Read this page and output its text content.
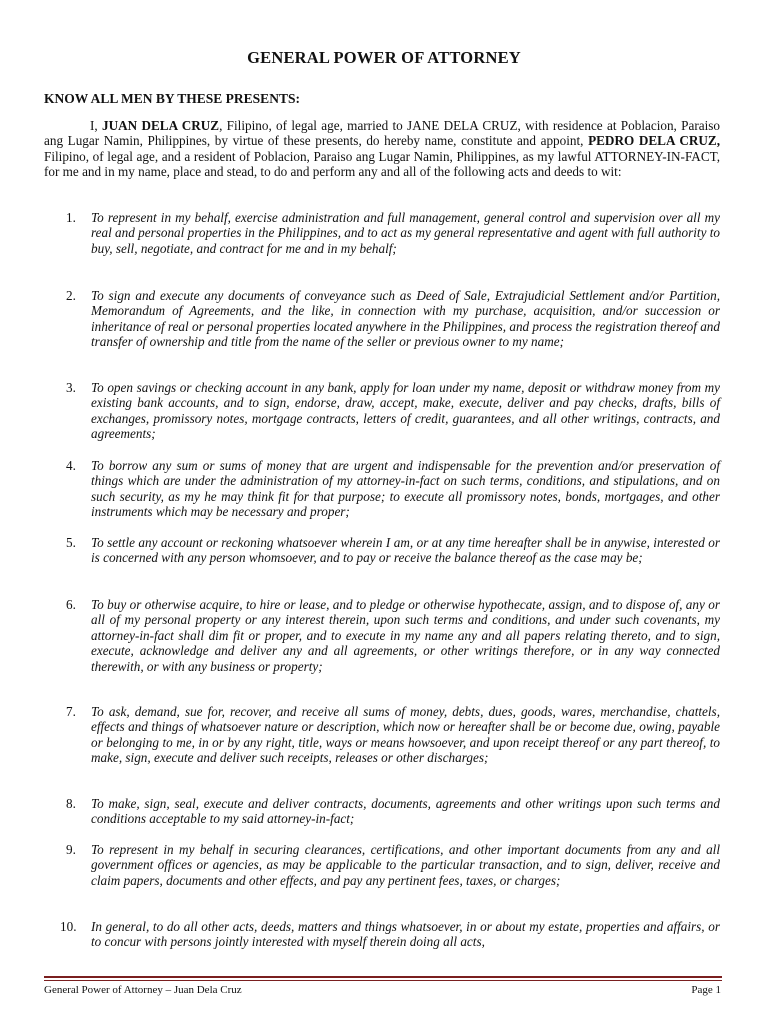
GENERAL POWER OF ATTORNEY
KNOW ALL MEN BY THESE PRESENTS:
I, JUAN DELA CRUZ, Filipino, of legal age, married to JANE DELA CRUZ, with residence at Poblacion, Paraiso ang Lugar Namin, Philippines, by virtue of these presents, do hereby name, constitute and appoint, PEDRO DELA CRUZ, Filipino, of legal age, and a resident of Poblacion, Paraiso ang Lugar Namin, Philippines, as my lawful ATTORNEY-IN-FACT, for me and in my name, place and stead, to do and perform any and all of the following acts and deeds to wit:
1.	To represent in my behalf, exercise administration and full management, general control and supervision over all my real and personal properties in the Philippines, and to act as my general representative and agent with full authority to buy, sell, negotiate, and contract for me and in my behalf;
2.	To sign and execute any documents of conveyance such as Deed of Sale, Extrajudicial Settlement and/or Partition, Memorandum of Agreements, and the like, in connection with my purchase, acquisition, and/or succession or inheritance of real or personal properties located anywhere in the Philippines, and process the registration thereof and transfer of ownership and title from the name of the seller or previous owner to my name;
3.	To open savings or checking account in any bank, apply for loan under my name, deposit or withdraw money from my existing bank accounts, and to sign, endorse, draw, accept, make, execute, deliver and pay checks, drafts, bills of exchanges, promissory notes, mortgage contracts, letters of credit, guarantees, and all other writings, contracts, and agreements;
4.	To borrow any sum or sums of money that are urgent and indispensable for the prevention and/or preservation of things which are under the administration of my attorney-in-fact on such terms, conditions, and stipulations, and on such security, as my he may think fit for that purpose; to execute all promissory notes, bonds, mortgages, and other instruments which may be necessary and proper;
5.	To settle any account or reckoning whatsoever wherein I am, or at any time hereafter shall be in anywise, interested or is concerned with any person whomsoever, and to pay or receive the balance thereof as the case may be;
6.	To buy or otherwise acquire, to hire or lease, and to pledge or otherwise hypothecate, assign, and to dispose of, any or all of my personal property or any interest therein, upon such terms and conditions, and under such covenants, my attorney-in-fact shall dim fit or proper, and to execute in my name any and all papers relating thereto, and to sign, execute, acknowledge and deliver any and all agreements, or other writings therefore, or in any way connected therewith, or with any business or property;
7.	To ask, demand, sue for, recover, and receive all sums of money, debts, dues, goods, wares, merchandise, chattels, effects and things of whatsoever nature or description, which now or hereafter shall be or become due, owing, payable or belonging to me, in or by any right, title, ways or means howsoever, and upon receipt thereof or any part thereof, to make, sign, execute and deliver such receipts, releases or other discharges;
8.	To make, sign, seal, execute and deliver contracts, documents, agreements and other writings upon such terms and conditions acceptable to my said attorney-in-fact;
9.	To represent in my behalf in securing clearances, certifications, and other important documents from any and all government offices or agencies, as may be applicable to the particular transaction, and to sign, deliver, receive and claim papers, documents and other effects, and pay any pertinent fees, taxes, or charges;
10.	In general, to do all other acts, deeds, matters and things whatsoever, in or about my estate, properties and affairs, or to concur with persons jointly interested with myself therein doing all acts,
General Power of Attorney – Juan Dela Cruz	Page 1
